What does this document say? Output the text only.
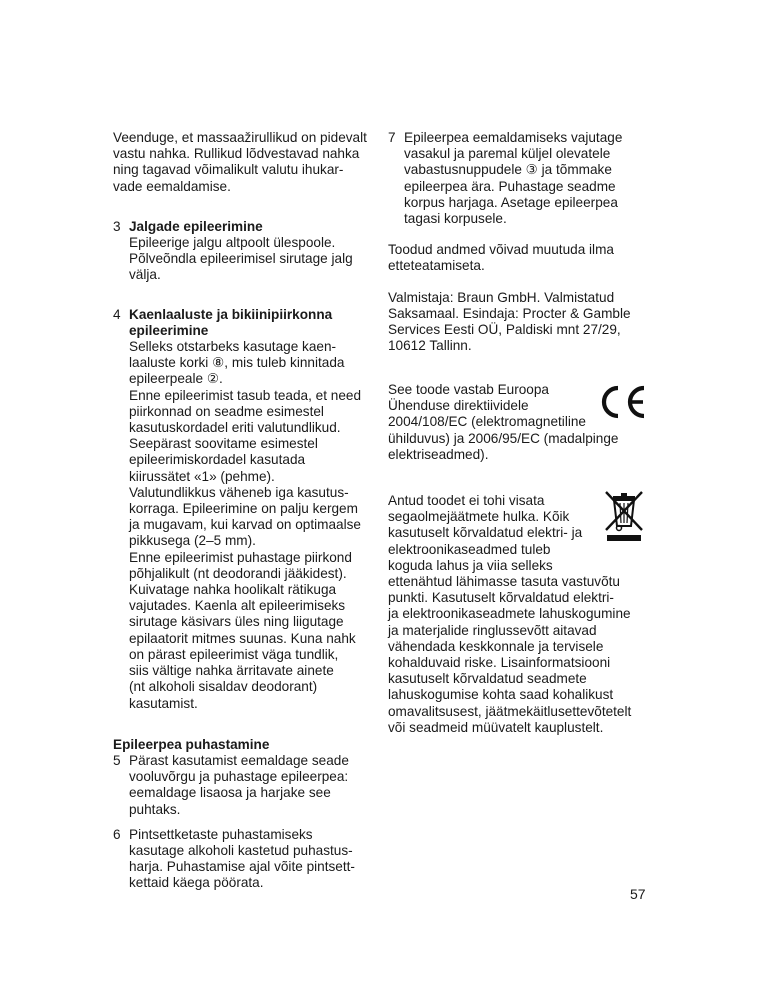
Veenduge, et massaažirullikud on pidevalt
vastu nahka. Rullikud lõdvestavad nahka
ning tagavad võimalikult valutu ihukar-
vade eemaldamise.
3 Jalgade epileerimine
Epileerige jalgu altpoolt ülespoole.
Põlveõndla epileerimisel sirutage jalg
välja.
4 Kaenlaaluste ja bikiinipiirkonna
epileerimine
Selleks otstarbeks kasutage kaen-
laaluste korki ⑧, mis tuleb kinnitada
epileerpeale ②.
Enne epileerimist tasub teada, et need
piirkonnad on seadme esimestel
kasutuskordadel eriti valutundlikud.
Seepärast soovitame esimestel
epileerimiskordadel kasutada
kiirussätet «1» (pehme).
Valutundlikkus väheneb iga kasutus-
korraga. Epileerimine on palju kergem
ja mugavam, kui karvad on optimaalse
pikkusega (2–5 mm).
Enne epileerimist puhastage piirkond
põhjalikult (nt deodorandi jääkidest).
Kuivatage nahka hoolikalt rätikuga
vajutades. Kaenla alt epileerimiseks
sirutage käsivars üles ning liigutage
epilaatorit mitmes suunas. Kuna nahk
on pärast epileerimist väga tundlik,
siis vältige nahka ärritavate ainete
(nt alkoholi sisaldav deodorant)
kasutamist.
Epileerpea puhastamine
5 Pärast kasutamist eemaldage seade
vooluvõrgu ja puhastage epileerpea:
eemaldage lisaosa ja harjake see
puhtaks.
6 Pintsettketaste puhastamiseks
kasutage alkoholi kastetud puhastus-
harja. Puhastamise ajal võite pintsett-
kettaid käega pöörata.
7 Epileerpea eemaldamiseks vajutage
vasakul ja paremal küljel olevatele
vabastusnuppudele ③ ja tõmmake
epileerpea ära. Puhastage seadme
korpus harjaga. Asetage epileerpea
tagasi korpusele.
Toodud andmed võivad muutuda ilma
etteteatamiseta.
Valmistaja: Braun GmbH. Valmistatud
Saksamaal. Esindaja: Procter & Gamble
Services Eesti OÜ, Paldiski mnt 27/29,
10612 Tallinn.
See toode vastab Euroopa
Ühenduse direktiividele
2004/108/EC (elektromagnetiline
ühilduvus) ja 2006/95/EC (madalpinge
elektriseadmed).
Antud toodet ei tohi visata
segaolmejäätmete hulka. Kõik
kasutuselt kõrvaldatud elektri- ja
elektroonikaseadmed tuleb
koguda lahus ja viia selleks
ettenähtud lähimasse tasuta vastuvõtu
punkti. Kasutuselt kõrvaldatud elektri-
ja elektroonikaseadmete lahuskogumine
ja materjalide ringlussevõtt aitavad
vähendada keskkonnale ja tervisele
kohalduvaid riske. Lisainformatsiooni
kasutuselt kõrvaldatud seadmete
lahuskogumise kohta saad kohalikust
omavalitsusest, jäätmekäitlusettevõtetelt
või seadmeid müüvatelt kauplustelt.
57
